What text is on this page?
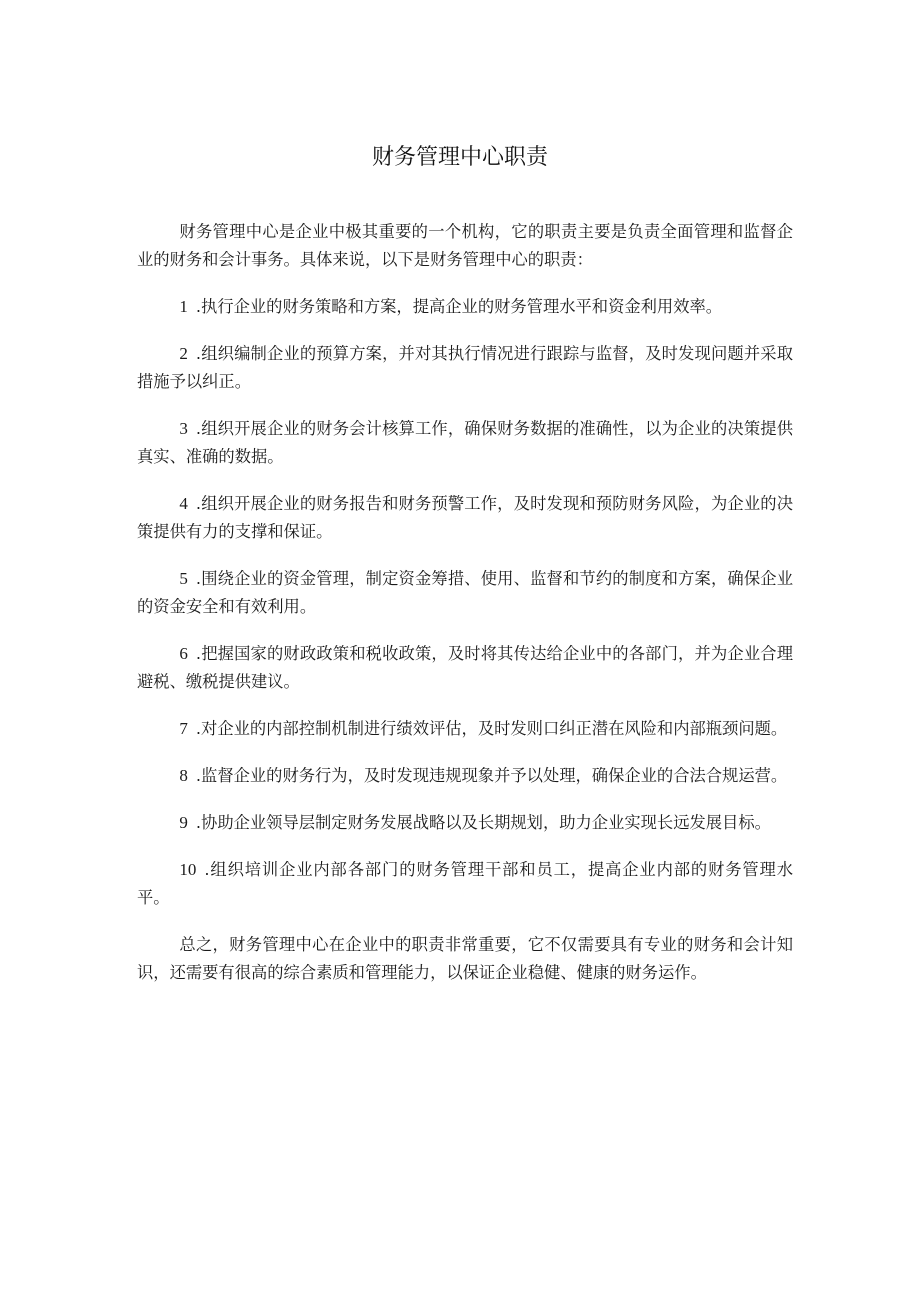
财务管理中心职责

财务管理中心是企业中极其重要的一个机构，它的职责主要是负责全面管理和监督企业的财务和会计事务。具体来说，以下是财务管理中心的职责：

1 .执行企业的财务策略和方案，提高企业的财务管理水平和资金利用效率。

2 .组织编制企业的预算方案，并对其执行情况进行跟踪与监督，及时发现问题并采取措施予以纠正。

3 .组织开展企业的财务会计核算工作，确保财务数据的准确性，以为企业的决策提供真实、准确的数据。

4 .组织开展企业的财务报告和财务预警工作，及时发现和预防财务风险，为企业的决策提供有力的支撑和保证。

5 .围绕企业的资金管理，制定资金筹措、使用、监督和节约的制度和方案，确保企业的资金安全和有效利用。

6 .把握国家的财政政策和税收政策，及时将其传达给企业中的各部门，并为企业合理避税、缴税提供建议。

7 .对企业的内部控制机制进行绩效评估，及时发则口纠正潜在风险和内部瓶颈问题。

8 .监督企业的财务行为，及时发现违规现象并予以处理，确保企业的合法合规运营。

9 .协助企业领导层制定财务发展战略以及长期规划，助力企业实现长远发展目标。

10 .组织培训企业内部各部门的财务管理干部和员工，提高企业内部的财务管理水平。

总之，财务管理中心在企业中的职责非常重要，它不仅需要具有专业的财务和会计知识，还需要有很高的综合素质和管理能力，以保证企业稳健、健康的财务运作。
